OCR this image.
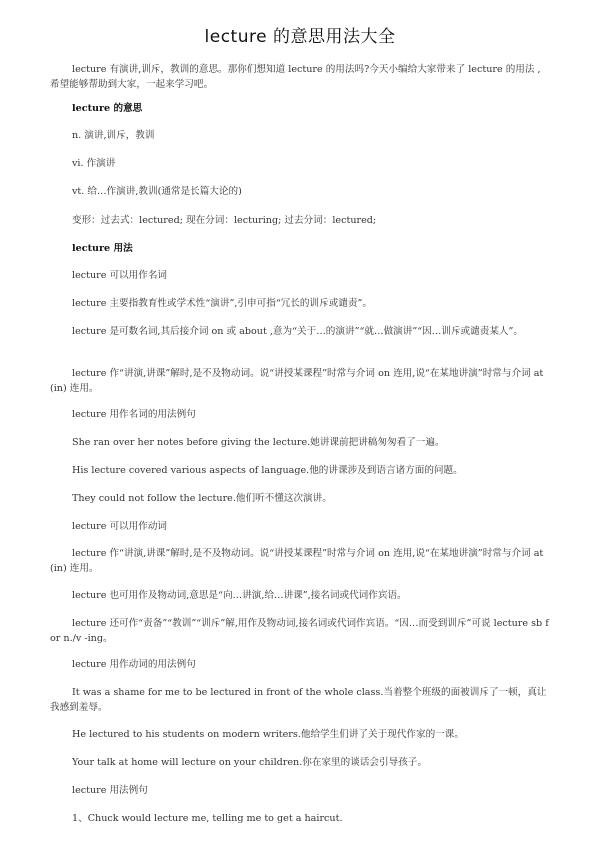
lecture 的意思用法大全
lecture 有演讲,训斥，教训的意思。那你们想知道 lecture 的用法吗?今天小编给大家带来了 lecture 的用法 ,希望能够帮助到大家，一起来学习吧。
lecture 的意思
n. 演讲,训斥，教训
vi. 作演讲
vt. 给…作演讲,教训(通常是长篇大论的)
变形：过去式：lectured; 现在分词：lecturing; 过去分词：lectured;
lecture 用法
lecture 可以用作名词
lecture 主要指教育性或学术性“演讲”,引申可指“冗长的训斥或谴责”。
lecture 是可数名词,其后接介词 on 或 about ,意为“关于…的演讲”“就…做演讲”“因…训斥或谴责某人”。
lecture 作“讲演,讲课”解时,是不及物动词。说“讲授某课程”时常与介词 on 连用,说“在某地讲演”时常与介词 at (in) 连用。
lecture 用作名词的用法例句
She ran over her notes before giving the lecture.她讲课前把讲稿匆匆看了一遍。
His lecture covered various aspects of language.他的讲课涉及到语言诸方面的问题。
They could not follow the lecture.他们听不懂这次演讲。
lecture 可以用作动词
lecture 作“讲演,讲课”解时,是不及物动词。说“讲授某课程”时常与介词 on 连用,说“在某地讲演”时常与介词 at (in) 连用。
lecture 也可用作及物动词,意思是“向…讲演,给…讲课”,接名词或代词作宾语。
lecture 还可作“责备”“教训”“训斥”解,用作及物动词,接名词或代词作宾语。“因…而受到训斥”可说 lecture sb for n./v -ing。
lecture 用作动词的用法例句
It was a shame for me to be lectured in front of the whole class.当着整个班级的面被训斥了一顿，真让我感到羞辱。
He lectured to his students on modern writers.他给学生们讲了关于现代作家的一课。
Your talk at home will lecture on your children.你在家里的谈话会引导孩子。
lecture 用法例句
1、Chuck would lecture me, telling me to get a haircut.
